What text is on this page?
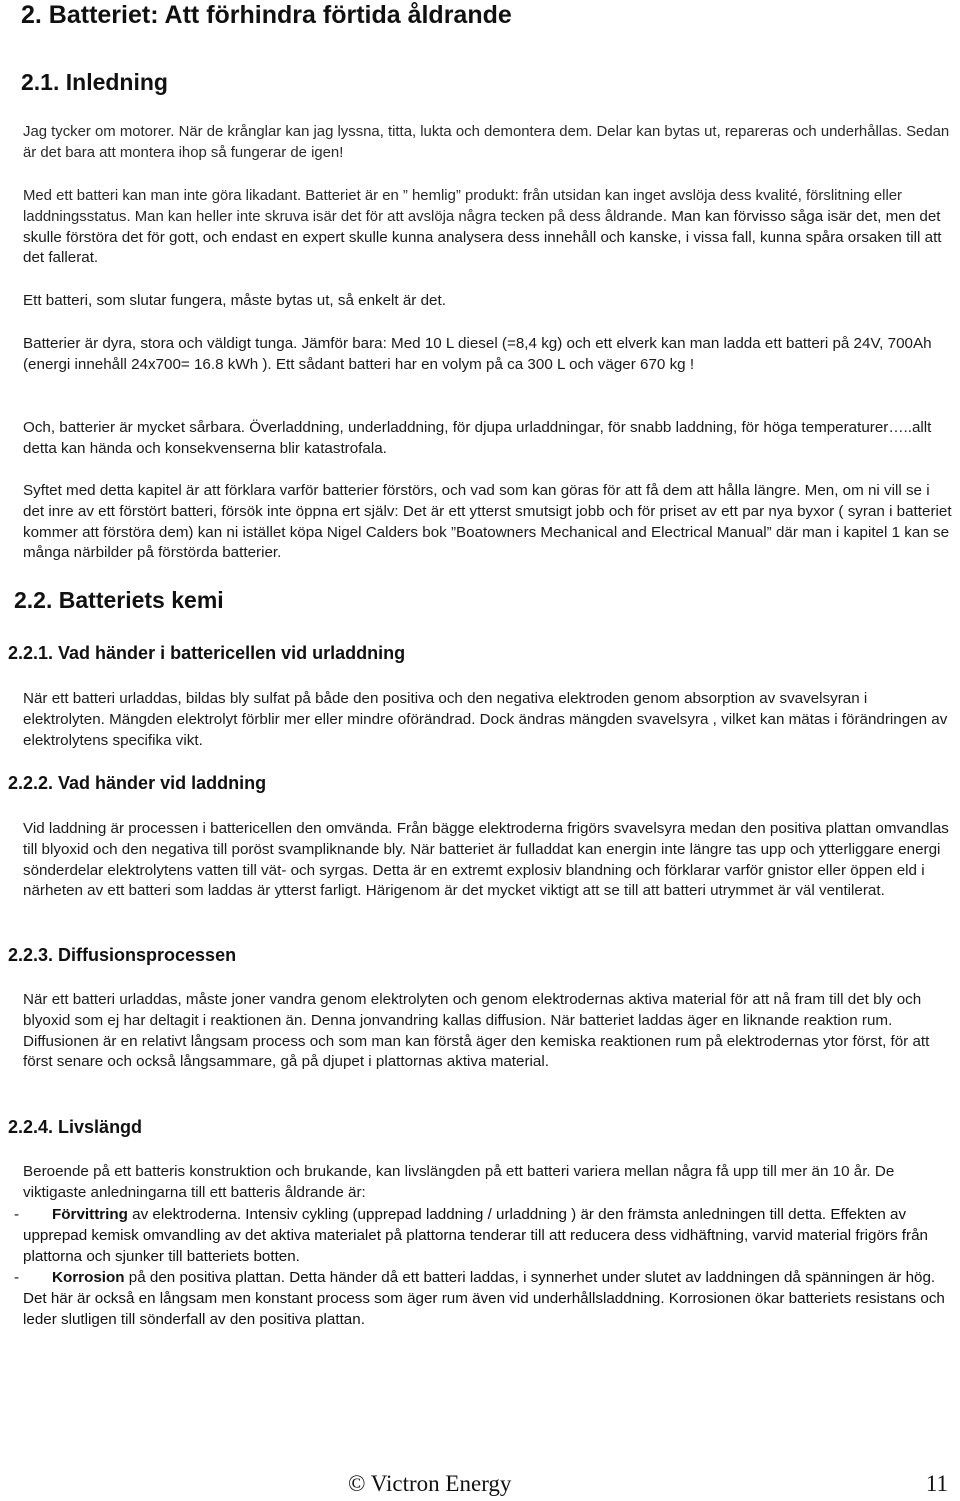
2. Batteriet: Att förhindra förtida åldrande
2.1. Inledning

Jag tycker om motorer. När de krånglar kan jag lyssna, titta, lukta och demontera dem. Delar kan bytas ut, repareras och underhållas. Sedan är det bara att montera ihop så fungerar de igen!

Med ett batteri kan man inte göra likadant. Batteriet är en ” hemlig” produkt: från utsidan kan inget avslöja dess kvalité, förslitning eller laddningsstatus. Man kan heller inte skruva isär det för att avslöja några tecken på dess åldrande. Man kan förvisso såga isär det, men det skulle förstöra det för gott, och endast en expert skulle kunna analysera dess innehåll och kanske, i vissa fall, kunna spåra orsaken till att det fallerat.

Ett batteri, som slutar fungera, måste bytas ut, så enkelt är det.

Batterier är dyra, stora och väldigt tunga. Jämför bara: Med 10 L diesel (=8,4 kg) och ett elverk kan man ladda ett batteri på 24V, 700Ah (energi innehåll 24x700= 16.8 kWh ). Ett sådant batteri har en volym på ca 300 L och väger 670 kg !

Och, batterier är mycket sårbara. Överladdning, underladdning, för djupa urladdningar, för snabb laddning, för höga temperaturer…..allt detta kan hända och konsekvenserna blir katastrofala.

Syftet med detta kapitel är att förklara varför batterier förstörs, och vad som kan göras för att få dem att hålla längre. Men, om ni vill se i det inre av ett förstört batteri, försök inte öppna ert själv: Det är ett ytterst smutsigt jobb och för priset av ett par nya byxor ( syran i batteriet kommer att förstöra dem) kan ni istället köpa Nigel Calders bok ”Boatowners Mechanical and Electrical Manual” där man i kapitel 1 kan se många närbilder på förstörda batterier.

2.2. Batteriets kemi
2.2.1. Vad händer i battericellen vid urladdning

När ett batteri urladdas, bildas bly sulfat på både den positiva och den negativa elektroden genom absorption av svavelsyran i elektrolyten. Mängden elektrolyt förblir mer eller mindre oförändrad. Dock ändras mängden svavelsyra , vilket kan mätas i förändringen av elektrolytens specifika vikt.

2.2.2. Vad händer vid laddning

Vid laddning är processen i battericellen den omvända. Från bägge elektroderna frigörs svavelsyra medan den positiva plattan omvandlas till blyoxid och den negativa till poröst svampliknande bly. När batteriet är fulladdat kan energin inte längre tas upp och ytterliggare energi sönderdelar elektrolytens vatten till vät- och syrgas. Detta är en extremt explosiv blandning och förklarar varför gnistor eller öppen eld i närheten av ett batteri som laddas är ytterst farligt. Härigenom är det mycket viktigt att se till att batteri utrymmet är väl ventilerat.

2.2.3. Diffusionsprocessen

När ett batteri urladdas, måste joner vandra genom elektrolyten och genom elektrodernas aktiva material för att nå fram till det bly och blyoxid som ej har deltagit i reaktionen än. Denna jonvandring kallas diffusion. När batteriet laddas äger en liknande reaktion rum. Diffusionen är en relativt långsam process och som man kan förstå äger den kemiska reaktionen rum på elektrodernas ytor först, för att först senare och också långsammare, gå på djupet i plattornas aktiva material.

2.2.4. Livslängd

Beroende på ett batteris konstruktion och brukande, kan livslängden på ett batteri variera mellan några få upp till mer än 10 år. De viktigaste anledningarna till ett batteris åldrande är:

-	Förvittring av elektroderna. Intensiv cykling (upprepad laddning / urladdning ) är den främsta anledningen till detta. Effekten av upprepad kemisk omvandling av det aktiva materialet på plattorna tenderar till att reducera dess vidhäftning, varvid material frigörs från plattorna och sjunker till batteriets botten.
-	Korrosion på den positiva plattan. Detta händer då ett batteri laddas, i synnerhet under slutet av laddningen då spänningen är hög. Det här är också en långsam men konstant process som äger rum även vid underhållsladdning. Korrosionen ökar batteriets resistans och leder slutligen till sönderfall av den positiva plattan.
© Victron Energy	11
